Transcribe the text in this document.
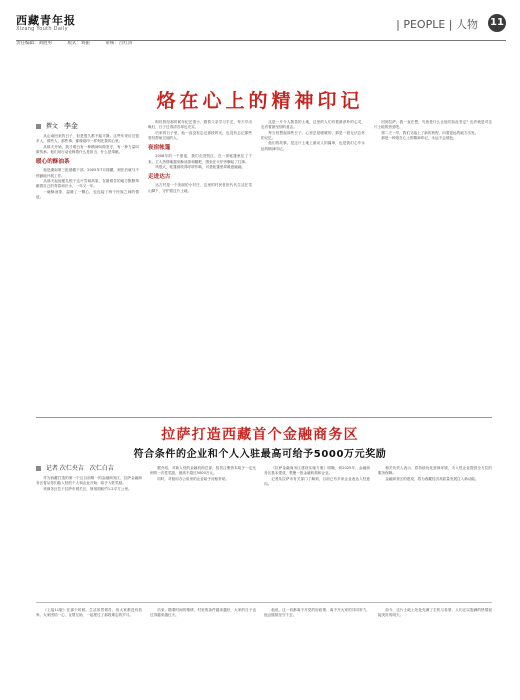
西藏青年报
Xizang Youth Daily
责任编辑：刘胜男	版式：刘振	审核：吕红涛
| PEOPLE | 人物 11
烙在心上的精神印记
撰文 李金

从山南回来的日子，但是很久都不能平静。这些年采访过很多人，那些人，那些事，都像烙印一样刻在我的心里。

从那天开始，我才明白有一种精神叫做坚守，有一种力量叫做传承。他们用行动诠释着什么是担当，什么是奉献。

暖心的酥油茶

他是湖南第三批援藏干部，2005年7月援藏，到任后就马不停蹄地开展工作。

从那天起他便扎根于这片雪域高原，在最艰苦的地方默默奉献着自己的青春和汗水，一年又一年。

一碗酥油茶，温暖了一颗心，也连接了两个民族之间的情谊。

阿旺曾经那时候年纪还很小，跟着父亲学习手艺，每天早出晚归，日子过得清苦却也充实。

后来的日子里，他一直没有忘记那段时光，也没有忘记那些曾经帮助过他的人。

夜宿帐篷

2008年的一个夏夜，我们走进牧区，在一顶帐篷里住了下来。主人热情地端来酥油茶和糌粑，围坐在火炉旁聊起了往事。

风很大，帐篷被吹得呼呼作响，可是帐篷里却暖意融融。

走进达古

达古村是一个美丽的小村庄，这里的村民世世代代生活在雪山脚下，守护着这片土地。

这是一片令人敬畏的土地，这里的人们有着最淳朴的心灵，也有着最坚韧的意志。

每当回想起那些日子，心里总是暖暖的，那是一段无法忘怀的记忆。

他们的故事，是这片土地上最动人的篇章，也是我们心中永远的精神印记。

回到拉萨，我一直在想，究竟是什么让他们如此坚定？也许就是对这片土地的热爱吧。

第二天一早，我们又踏上了新的旅程，向着更远的地方出发。

那是一种烙在心上的精神印记，永远不会褪色。

拉萨打造西藏首个金融商务区
符合条件的企业和个人入驻最高可给予5000万元奖励
记者 次仁央吉　次仁白吉

作为西藏打造的第一个且目前唯一的金融商务区，拉萨金融商务区将从你们能入驻的个人和企业开始，给予入驻奖励。

该商务区位于拉萨市城关区，规划面积约1.2平方公里。

据介绍，对新入驻的金融机构总部，按其注册资本给予一定比例的一次性奖励，最高不超过5000万元。

同时，对租用办公用房的企业给予房租补贴。

《拉萨金融商务区建设实施方案》明确，到2025年，金融商务区基本建成，集聚一批金融机构和企业。

记者从拉萨市有关部门了解到，目前已有多家企业表达入驻意向。

相关负责人表示，将持续优化营商环境，为入驻企业提供全方位的服务保障。

金融商务区的建设，将为西藏经济高质量发展注入新动能。

《上接11版》在那个时候，生活虽然艰苦，但大家都没有放弃。大家团结一心，互帮互助，一起度过了那段难忘的岁月。

后来，随着时间的推移，村里的条件越来越好，大家的日子也过得越来越红火。

他说，这一切都离不开党的好政策，离不开大家的共同努力，他会继续坚守下去。

如今，这片土地上处处充满了生机与希望，人们正以饱满的热情迎接美好的明天。
